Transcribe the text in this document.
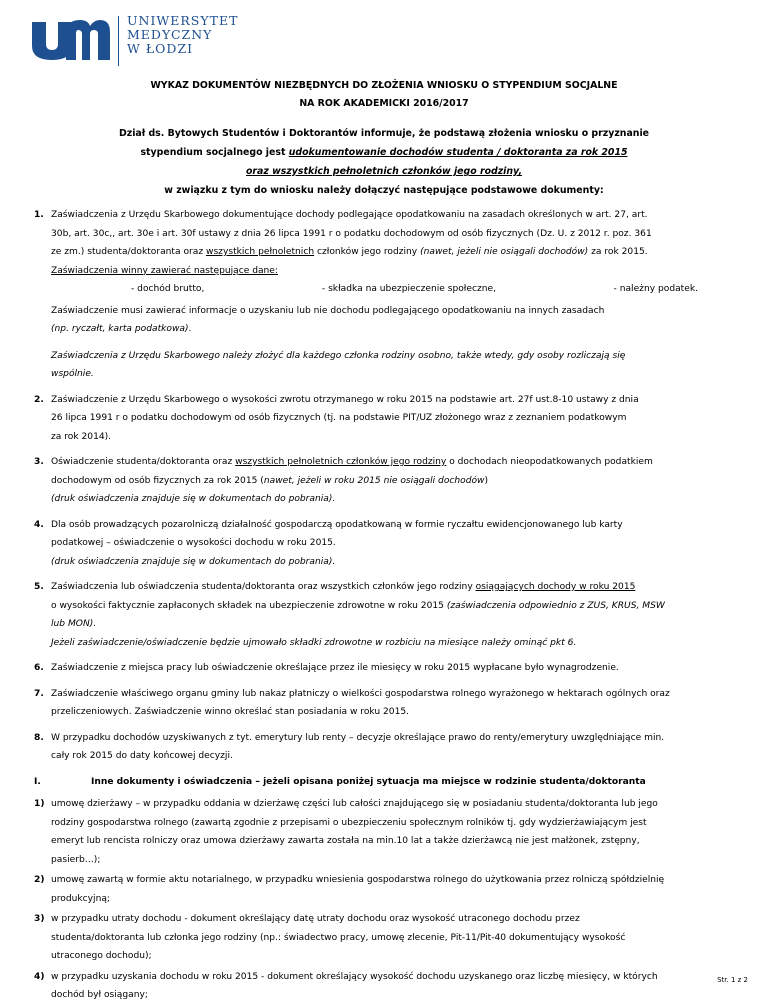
UNIWERSYTET
MEDYCZNY
W ŁODZI
WYKAZ DOKUMENTÓW NIEZBĘDNYCH DO ZŁOŻENIA WNIOSKU O STYPENDIUM SOCJALNE
NA ROK AKADEMICKI 2016/2017
Dział ds. Bytowych Studentów i Doktorantów informuje, że podstawą złożenia wniosku o przyznanie
stypendium socjalnego jest udokumentowanie dochodów studenta / doktoranta za rok 2015
oraz wszystkich pełnoletnich członków jego rodziny,
w związku z tym do wniosku należy dołączyć następujące podstawowe dokumenty:
1. Zaświadczenia z Urzędu Skarbowego dokumentujące dochody podlegające opodatkowaniu na zasadach określonych w art. 27, art.
30b, art. 30c,, art. 30e i art. 30f ustawy z dnia 26 lipca 1991 r o podatku dochodowym od osób fizycznych (Dz. U. z 2012 r. poz. 361
ze zm.) studenta/doktoranta oraz wszystkich pełnoletnich członków jego rodziny (nawet, jeżeli nie osiągali dochodów) za rok 2015.
Zaświadczenia winny zawierać następujące dane:
- dochód brutto,	- składka na ubezpieczenie społeczne,	- należny podatek.
Zaświadczenie musi zawierać informacje o uzyskaniu lub nie dochodu podlegającego opodatkowaniu na innych zasadach
(np. ryczałt, karta podatkowa).
Zaświadczenia z Urzędu Skarbowego należy złożyć dla każdego członka rodziny osobno, także wtedy, gdy osoby rozliczają się
wspólnie.
2. Zaświadczenie z Urzędu Skarbowego o wysokości zwrotu otrzymanego w roku 2015 na podstawie art. 27f ust.8-10 ustawy z dnia
26 lipca 1991 r o podatku dochodowym od osób fizycznych (tj. na podstawie PIT/UZ złożonego wraz z zeznaniem podatkowym
za rok 2014).
3. Oświadczenie studenta/doktoranta oraz wszystkich pełnoletnich członków jego rodziny o dochodach nieopodatkowanych podatkiem
dochodowym od osób fizycznych za rok 2015 (nawet, jeżeli w roku 2015 nie osiągali dochodów)
(druk oświadczenia znajduje się w dokumentach do pobrania).
4. Dla osób prowadzących pozarolniczą działalność gospodarczą opodatkowaną w formie ryczałtu ewidencjonowanego lub karty
podatkowej – oświadczenie o wysokości dochodu w roku 2015.
(druk oświadczenia znajduje się w dokumentach do pobrania).
5. Zaświadczenia lub oświadczenia studenta/doktoranta oraz wszystkich członków jego rodziny osiągających dochody w roku 2015
o wysokości faktycznie zapłaconych składek na ubezpieczenie zdrowotne w roku 2015 (zaświadczenia odpowiednio z ZUS, KRUS, MSW
lub MON).
Jeżeli zaświadczenie/oświadczenie będzie ujmowało składki zdrowotne w rozbiciu na miesiące należy ominąć pkt 6.
6. Zaświadczenie z miejsca pracy lub oświadczenie określające przez ile miesięcy w roku 2015 wypłacane było wynagrodzenie.
7. Zaświadczenie właściwego organu gminy lub nakaz płatniczy o wielkości gospodarstwa rolnego wyrażonego w hektarach ogólnych oraz
przeliczeniowych. Zaświadczenie winno określać stan posiadania w roku 2015.
8. W przypadku dochodów uzyskiwanych z tyt. emerytury lub renty – decyzje określające prawo do renty/emerytury uwzględniające min.
cały rok 2015 do daty końcowej decyzji.
I.	Inne dokumenty i oświadczenia – jeżeli opisana poniżej sytuacja ma miejsce w rodzinie studenta/doktoranta
1) umowę dzierżawy – w przypadku oddania w dzierżawę części lub całości znajdującego się w posiadaniu studenta/doktoranta lub jego
rodziny gospodarstwa rolnego (zawartą zgodnie z przepisami o ubezpieczeniu społecznym rolników tj. gdy wydzierżawiającym jest
emeryt lub rencista rolniczy oraz umowa dzierżawy zawarta została na min.10 lat a także dzierżawcą nie jest małżonek, zstępny,
pasierb…);
2) umowę zawartą w formie aktu notarialnego, w przypadku wniesienia gospodarstwa rolnego do użytkowania przez rolniczą spółdzielnię
produkcyjną;
3) w przypadku utraty dochodu - dokument określający datę utraty dochodu oraz wysokość utraconego dochodu przez
studenta/doktoranta lub członka jego rodziny (np.: świadectwo pracy, umowę zlecenie, Pit-11/Pit-40 dokumentujący wysokość
utraconego dochodu);
4) w przypadku uzyskania dochodu w roku 2015 - dokument określający wysokość dochodu uzyskanego oraz liczbę miesięcy, w których
dochód był osiągany;
Str. 1 z 2
